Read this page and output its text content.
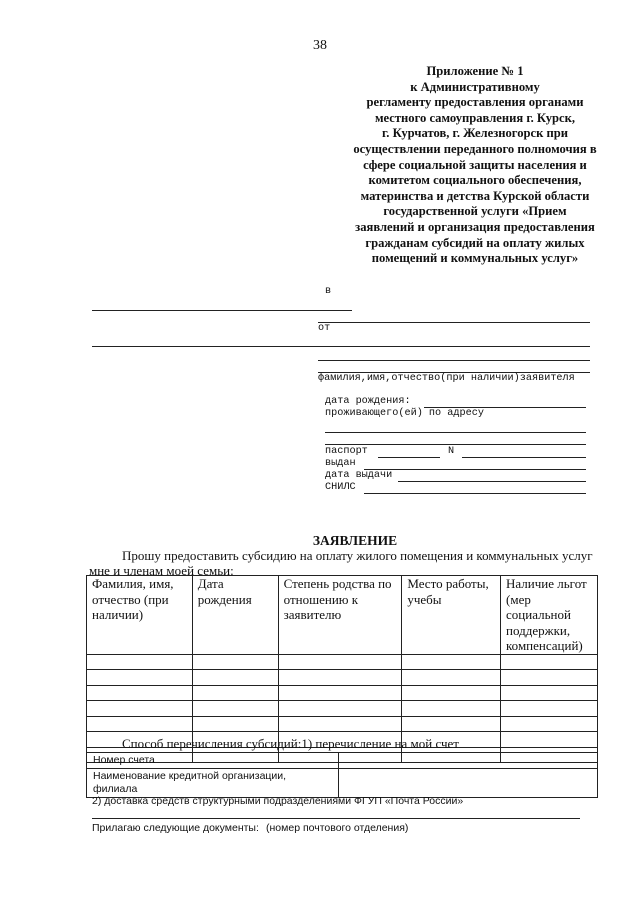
38
Приложение № 1
к Административному
регламенту предоставления органами
местного самоуправления г. Курск,
г. Курчатов, г. Железногорск при
осуществлении переданного полномочия в
сфере социальной защиты населения и
комитетом социального обеспечения,
материнства и детства Курской области
государственной услуги «Прием
заявлений и организация предоставления
гражданам субсидий на оплату жилых
помещений и коммунальных услуг»
в
от
фамилия,имя,отчество(при наличии)заявителя
дата рождения:
проживающего(ей) по адресу
паспорт	N
выдан
дата выдачи
СНИЛС
ЗАЯВЛЕНИЕ
Прошу предоставить субсидию на оплату жилого помещения и коммунальных услуг
мне и членам моей семьи:
Фамилия, имя, отчество (при наличии)	Дата рождения	Степень родства по отношению к заявителю	Место работы, учебы	Наличие льгот (мер социальной поддержки, компенсаций)

Способ перечисления субсидий:1) перечисление на мой счет
Номер счета	
Наименование кредитной организации, филиала	
2) доставка средств структурными подразделениями ФГУП «Почта России»
Прилагаю следующие документы: (номер почтового отделения)
